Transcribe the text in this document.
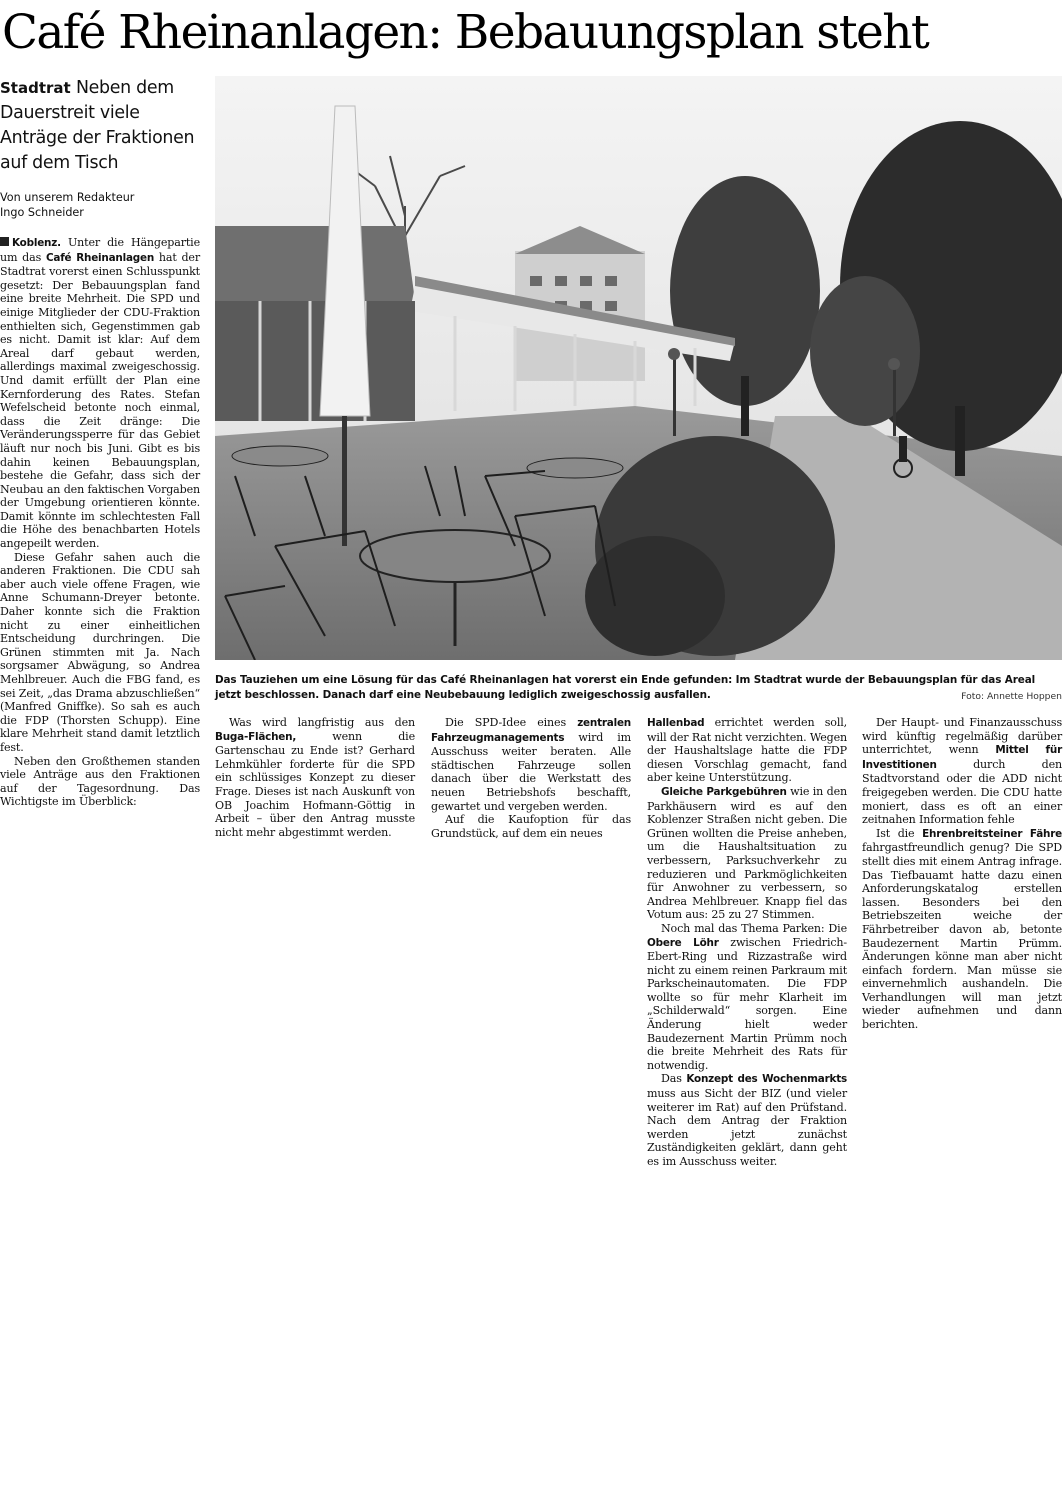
Café Rheinanlagen: Bebauungsplan steht
Stadtrat Neben dem Dauerstreit viele Anträge der Fraktionen auf dem Tisch
Von unserem Redakteur
Ingo Schneider

Koblenz. Unter die Hängepartie um das Café Rheinanlagen hat der Stadtrat vorerst einen Schlusspunkt gesetzt: Der Bebauungsplan fand eine breite Mehrheit. Die SPD und einige Mitglieder der CDU-Fraktion enthielten sich, Gegenstimmen gab es nicht. Damit ist klar: Auf dem Areal darf gebaut werden, allerdings maximal zweigeschossig. Und damit erfüllt der Plan eine Kernforderung des Rates. Stefan Wefelscheid betonte noch einmal, dass die Zeit dränge: Die Veränderungssperre für das Gebiet läuft nur noch bis Juni. Gibt es bis dahin keinen Bebauungsplan, bestehe die Gefahr, dass sich der Neubau an den faktischen Vorgaben der Umgebung orientieren könnte. Damit könnte im schlechtesten Fall die Höhe des benachbarten Hotels angepeilt werden.

Diese Gefahr sahen auch die anderen Fraktionen. Die CDU sah aber auch viele offene Fragen, wie Anne Schumann-Dreyer betonte. Daher konnte sich die Fraktion nicht zu einer einheitlichen Entscheidung durchringen. Die Grünen stimmten mit Ja. Nach sorgsamer Abwägung, so Andrea Mehlbreuer. Auch die FBG fand, es sei Zeit, „das Drama abzuschließen“ (Manfred Gniffke). So sah es auch die FDP (Thorsten Schupp). Eine klare Mehrheit stand damit letztlich fest.

Neben den Großthemen standen viele Anträge aus den Fraktionen auf der Tagesordnung. Das Wichtigste im Überblick:

Das Tauziehen um eine Lösung für das Café Rheinanlagen hat vorerst ein Ende gefunden: Im Stadtrat wurde der Bebauungsplan für das Areal jetzt beschlossen. Danach darf eine Neubebauung lediglich zweigeschossig ausfallen.	Foto: Annette Hoppen

Was wird langfristig aus den Buga-Flächen,	wenn die Gartenschau zu Ende ist? Gerhard Lehmkühler forderte für die SPD ein schlüssiges Konzept zu dieser Frage. Dieses ist nach Auskunft von OB Joachim Hofmann-Göttig in Arbeit – über den Antrag musste nicht mehr abgestimmt werden.

Die SPD-Idee eines zentralen Fahrzeugmanagements wird im Ausschuss weiter beraten. Alle städtischen Fahrzeuge sollen danach über die Werkstatt des neuen Betriebshofs beschafft, gewartet und vergeben werden.

Auf die Kaufoption für das Grundstück, auf dem ein neues

Hallenbad errichtet werden soll, will der Rat nicht verzichten. Wegen der Haushaltslage hatte die FDP diesen Vorschlag gemacht, fand aber keine Unterstützung.

Gleiche Parkgebühren wie in den Parkhäusern wird es auf den Koblenzer Straßen nicht geben. Die Grünen wollten die Preise anheben, um die Haushaltsituation zu verbessern, Parksuchverkehr zu reduzieren und Parkmöglichkeiten für Anwohner zu verbessern, so Andrea Mehlbreuer. Knapp fiel das Votum aus: 25 zu 27 Stimmen.

Noch mal das Thema Parken: Die Obere Löhr zwischen Friedrich-Ebert-Ring und Rizzastraße wird nicht zu einem reinen Parkraum mit Parkscheinautomaten. Die FDP wollte so für mehr Klarheit im „Schilderwald“ sorgen. Eine Änderung hielt weder Baudezernent Martin Prümm noch die breite Mehrheit des Rats für notwendig.

Das Konzept des Wochenmarkts muss aus Sicht der BIZ (und vieler weiterer im Rat) auf den Prüfstand. Nach dem Antrag der Fraktion werden jetzt zunächst Zuständigkeiten geklärt, dann geht es im Ausschuss weiter.

Der Haupt- und Finanzausschuss wird künftig regelmäßig darüber unterrichtet, wenn Mittel für Investitionen	durch den Stadtvorstand oder die ADD nicht freigegeben werden. Die CDU hatte moniert, dass es oft an einer zeitnahen Information fehle

Ist die Ehrenbreitsteiner Fähre fahrgastfreundlich genug? Die SPD stellt dies mit einem Antrag infrage. Das Tiefbauamt hatte dazu einen Anforderungskatalog erstellen lassen. Besonders bei den Betriebszeiten weiche der Fährbetreiber davon ab, betonte Baudezernent Martin Prümm. Änderungen könne man aber nicht einfach fordern. Man müsse sie einvernehmlich aushandeln. Die Verhandlungen will man jetzt wieder aufnehmen und dann berichten.
